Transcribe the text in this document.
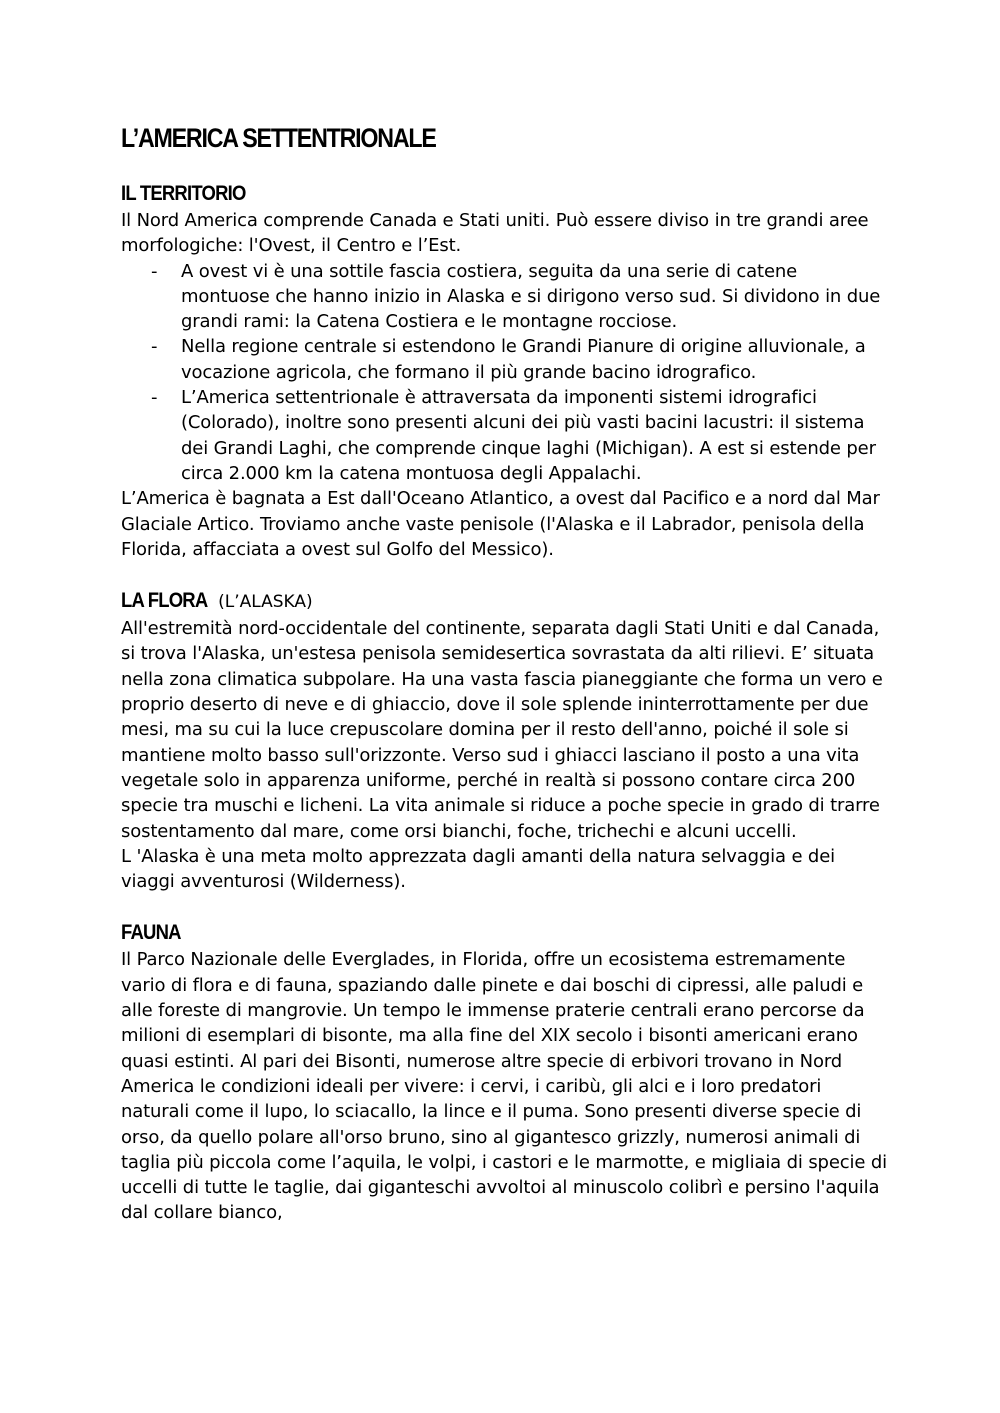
L’AMERICA SETTENTRIONALE
IL TERRITORIO

Il Nord America comprende Canada e Stati uniti. Può essere diviso in tre grandi aree morfologiche: l'Ovest, il Centro e l’Est.

- A ovest vi è una sottile fascia costiera, seguita da una serie di catene montuose che hanno inizio in Alaska e si dirigono verso sud. Si dividono in due grandi rami: la Catena Costiera e le montagne rocciose.
- Nella regione centrale si estendono le Grandi Pianure di origine alluvionale, a vocazione agricola, che formano il più grande bacino idrografico.
- L’America settentrionale è attraversata da imponenti sistemi idrografici (Colorado), inoltre sono presenti alcuni dei più vasti bacini lacustri: il sistema dei Grandi Laghi, che comprende cinque laghi (Michigan). A est si estende per circa 2.000 km la catena montuosa degli Appalachi.

L’America è bagnata a Est dall'Oceano Atlantico, a ovest dal Pacifico e a nord dal Mar Glaciale Artico. Troviamo anche vaste penisole (l'Alaska e il Labrador, penisola della Florida, affacciata a ovest sul Golfo del Messico).

LA FLORA (L’ALASKA)

All'estremità nord-occidentale del continente, separata dagli Stati Uniti e dal Canada, si trova l'Alaska, un'estesa penisola semidesertica sovrastata da alti rilievi. E’ situata nella zona climatica subpolare. Ha una vasta fascia pianeggiante che forma un vero e proprio deserto di neve e di ghiaccio, dove il sole splende ininterrottamente per due mesi, ma su cui la luce crepuscolare domina per il resto dell'anno, poiché il sole si mantiene molto basso sull'orizzonte. Verso sud i ghiacci lasciano il posto a una vita vegetale solo in apparenza uniforme, perché in realtà si possono contare circa 200 specie tra muschi e licheni. La vita animale si riduce a poche specie in grado di trarre sostentamento dal mare, come orsi bianchi, foche, trichechi e alcuni uccelli.

L 'Alaska è una meta molto apprezzata dagli amanti della natura selvaggia e dei viaggi avventurosi (Wilderness).

FAUNA

Il Parco Nazionale delle Everglades, in Florida, offre un ecosistema estremamente vario di flora e di fauna, spaziando dalle pinete e dai boschi di cipressi, alle paludi e alle foreste di mangrovie. Un tempo le immense praterie centrali erano percorse da milioni di esemplari di bisonte, ma alla fine del XIX secolo i bisonti americani erano quasi estinti. Al pari dei Bisonti, numerose altre specie di erbivori trovano in Nord America le condizioni ideali per vivere: i cervi, i caribù, gli alci e i loro predatori naturali come il lupo, lo sciacallo, la lince e il puma. Sono presenti diverse specie di orso, da quello polare all'orso bruno, sino al gigantesco grizzly, numerosi animali di taglia più piccola come l’aquila, le volpi, i castori e le marmotte, e migliaia di specie di uccelli di tutte le taglie, dai giganteschi avvoltoi al minuscolo colibrì e persino l'aquila dal collare bianco,
